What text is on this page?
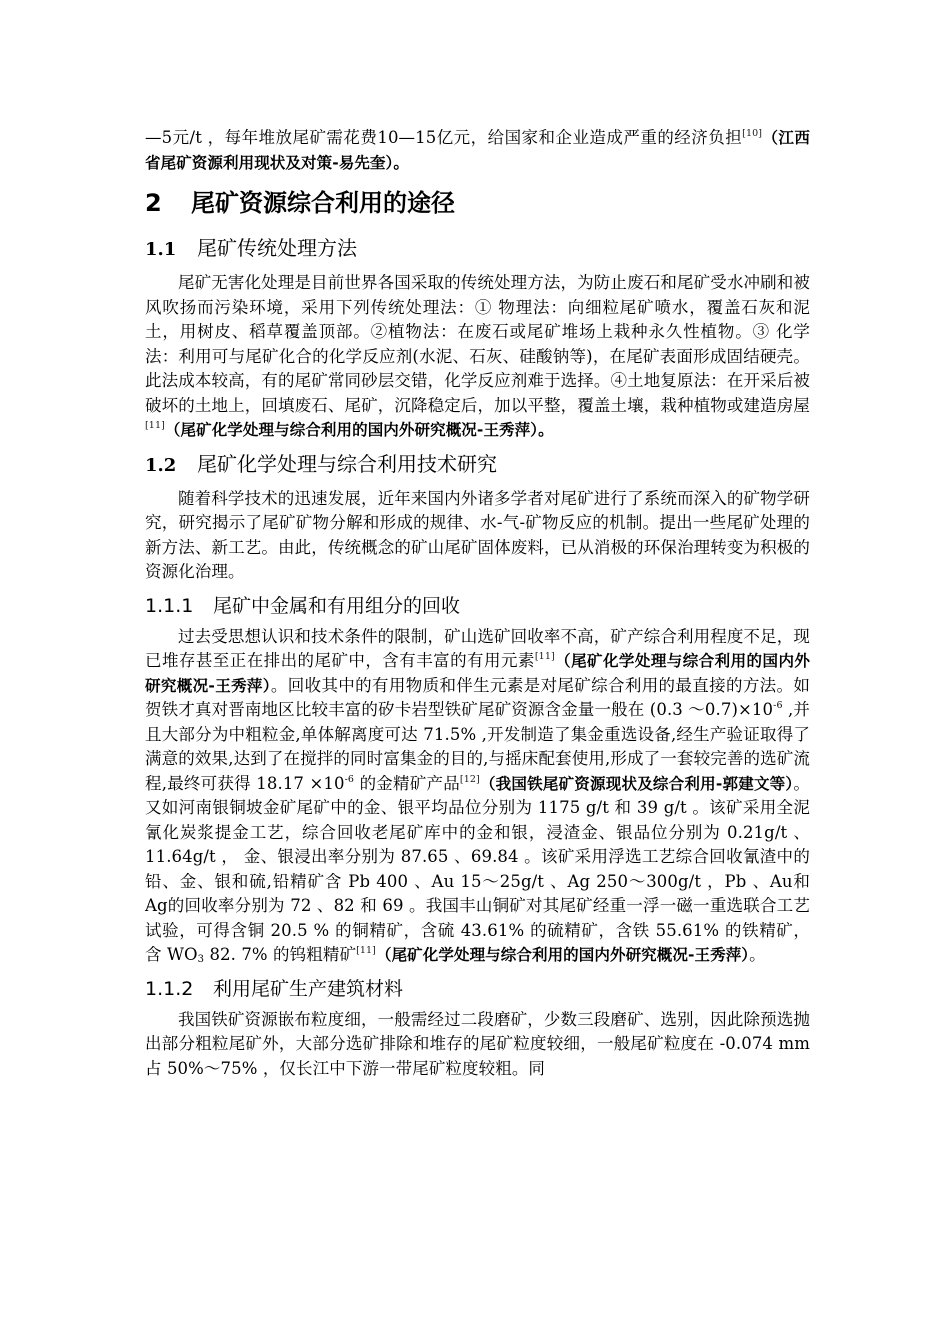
—5元/t ，每年堆放尾矿需花费10—15亿元，给国家和企业造成严重的经济负担[10]（江西省尾矿资源利用现状及对策-易先奎）。

2 尾矿资源综合利用的途径
1.1 尾矿传统处理方法

尾矿无害化处理是目前世界各国采取的传统处理方法，为防止废石和尾矿受水冲刷和被风吹扬而污染环境，采用下列传统处理法：① 物理法：向细粒尾矿喷水，覆盖石灰和泥土，用树皮、稻草覆盖顶部。②植物法：在废石或尾矿堆场上栽种永久性植物。③ 化学法：利用可与尾矿化合的化学反应剂(水泥、石灰、硅酸钠等)，在尾矿表面形成固结硬壳。此法成本较高，有的尾矿常同砂层交错，化学反应剂难于选择。④土地复原法：在开采后被破坏的土地上，回填废石、尾矿，沉降稳定后，加以平整，覆盖土壤，栽种植物或建造房屋[11]（尾矿化学处理与综合利用的国内外研究概况-王秀萍）。

1.2 尾矿化学处理与综合利用技术研究

随着科学技术的迅速发展，近年来国内外诸多学者对尾矿进行了系统而深入的矿物学研究，研究揭示了尾矿矿物分解和形成的规律、水-气-矿物反应的机制。提出一些尾矿处理的新方法、新工艺。由此，传统概念的矿山尾矿固体废料，已从消极的环保治理转变为积极的资源化治理。

1.1.1 尾矿中金属和有用组分的回收

过去受思想认识和技术条件的限制，矿山选矿回收率不高，矿产综合利用程度不足，现已堆存甚至正在排出的尾矿中，含有丰富的有用元素[11]（尾矿化学处理与综合利用的国内外研究概况-王秀萍）。回收其中的有用物质和伴生元素是对尾矿综合利用的最直接的方法。如贺铁才真对晋南地区比较丰富的矽卡岩型铁矿尾矿资源含金量一般在 (0.3 $\sim 0.7)\times 10^{-6}$ ,并且大部分为中粗粒金,单体解离度可达 71.5% ,开发制造了集金重选设备,经生产验证取得了满意的效果,达到了在搅拌的同时富集金的目的,与摇床配套使用,形成了一套较完善的选矿流程,最终可获得 $18.17 \times 10^{-6}$ 的金精矿产品[12]（我国铁尾矿资源现状及综合利用-郭建文等）。又如河南银铜坡金矿尾矿中的金、银平均品位分别为 1175 g/t 和 39 g/t 。该矿采用全泥氰化炭浆提金工艺，综合回收老尾矿库中的金和银，浸渣金、银品位分别为 0.21g/t 、11.64g/t ， 金、银浸出率分别为 87.65 、69.84 。该矿采用浮选工艺综合回收氰渣中的铅、金、银和硫,铅精矿含 Pb 400 、Au 15～25g/t 、Ag 250～300g/t ，Pb 、Au和Ag的回收率分别为 72 、82 和 69 。我国丰山铜矿对其尾矿经重一浮一磁一重选联合工艺试验，可得含铜 20.5 % 的铜精矿，含硫 43.61% 的硫精矿，含铁 55.61% 的铁精矿，含 $WO_3$ 82. 7% 的钨粗精矿[11]（尾矿化学处理与综合利用的国内外研究概况-王秀萍）。

1.1.2 利用尾矿生产建筑材料

我国铁矿资源嵌布粒度细，一般需经过二段磨矿，少数三段磨矿、选别，因此除预选抛出部分粗粒尾矿外，大部分选矿排除和堆存的尾矿粒度较细，一般尾矿粒度在 -0.074 mm 占 50%～75% ，仅长江中下游一带尾矿粒度较粗。同
